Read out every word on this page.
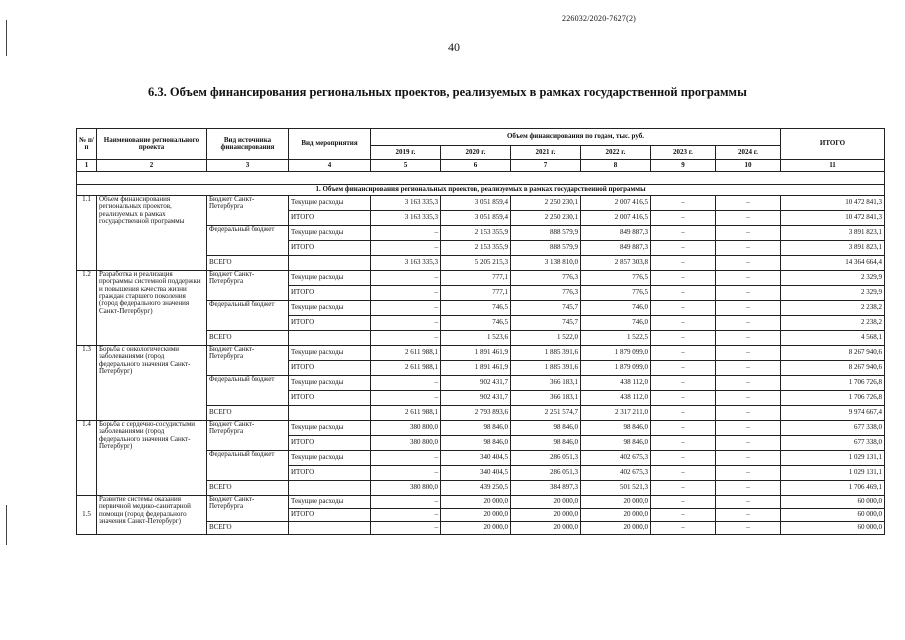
226032/2020-7627(2)
40
6.3. Объем финансирования региональных проектов, реализуемых в рамках государственной программы
№ п/п	Наименование регионального проекта	Вид источника финансирования	Вид мероприятия	Объем финансирования по годам, тыс. руб.						ИТОГО
				2019 г.	2020 г.	2021 г.	2022 г.	2023 г.	2024 г.	
1	2	3	4	5	6	7	8	9	10	11

1. Объем финансирования региональных проектов, реализуемых в рамках государственной программы										
1.1	Объем финансирования региональных проектов, реализуемых в рамках государственной программы	Бюджет Санкт-Петербурга	Текущие расходы	3 163 335,3	3 051 859,4	2 250 230,1	2 007 416,5	–	–	10 472 841,3
			ИТОГО	3 163 335,3	3 051 859,4	2 250 230,1	2 007 416,5	–	–	10 472 841,3
		Федеральный бюджет	Текущие расходы	–	2 153 355,9	888 579,9	849 887,3	–	–	3 891 823,1
			ИТОГО	–	2 153 355,9	888 579,9	849 887,3	–	–	3 891 823,1
		ВСЕГО		3 163 335,3	5 205 215,3	3 138 810,0	2 857 303,8	–	–	14 364 664,4
1.2	Разработка и реализация программы системной поддержки и повышения качества жизни граждан старшего поколения (город федерального значения Санкт-Петербург)	Бюджет Санкт-Петербурга	Текущие расходы	–	777,1	776,3	776,5	–	–	2 329,9
			ИТОГО	–	777,1	776,3	776,5	–	–	2 329,9
		Федеральный бюджет	Текущие расходы	–	746,5	745,7	746,0	–	–	2 238,2
			ИТОГО	–	746,5	745,7	746,0	–	–	2 238,2
		ВСЕГО		–	1 523,6	1 522,0	1 522,5	–	–	4 568,1
1.3	Борьба с онкологическими заболеваниями (город федерального значения Санкт-Петербург)	Бюджет Санкт-Петербурга	Текущие расходы	2 611 988,1	1 891 461,9	1 885 391,6	1 879 099,0	–	–	8 267 940,6
			ИТОГО	2 611 988,1	1 891 461,9	1 885 391,6	1 879 099,0	–	–	8 267 940,6
		Федеральный бюджет	Текущие расходы	–	902 431,7	366 183,1	438 112,0	–	–	1 706 726,8
			ИТОГО	–	902 431,7	366 183,1	438 112,0	–	–	1 706 726,8
		ВСЕГО		2 611 988,1	2 793 893,6	2 251 574,7	2 317 211,0	–	–	9 974 667,4
1.4	Борьба с сердечно-сосудистыми заболеваниями (город федерального значения Санкт-Петербург)	Бюджет Санкт-Петербурга	Текущие расходы	380 800,0	98 846,0	98 846,0	98 846,0	–	–	677 338,0
			ИТОГО	380 800,0	98 846,0	98 846,0	98 846,0	–	–	677 338,0
		Федеральный бюджет	Текущие расходы	–	340 404,5	286 051,3	402 675,3	–	–	1 029 131,1
			ИТОГО	–	340 404,5	286 051,3	402 675,3	–	–	1 029 131,1
		ВСЕГО		380 800,0	439 250,5	384 897,3	501 521,3	–	–	1 706 469,1
1.5	Развитие системы оказания первичной медико-санитарной помощи (город федерального значения Санкт-Петербург)	Бюджет Санкт-Петербурга	Текущие расходы	–	20 000,0	20 000,0	20 000,0	–	–	60 000,0
			ИТОГО	–	20 000,0	20 000,0	20 000,0	–	–	60 000,0
		ВСЕГО		–	20 000,0	20 000,0	20 000,0	–	–	60 000,0
